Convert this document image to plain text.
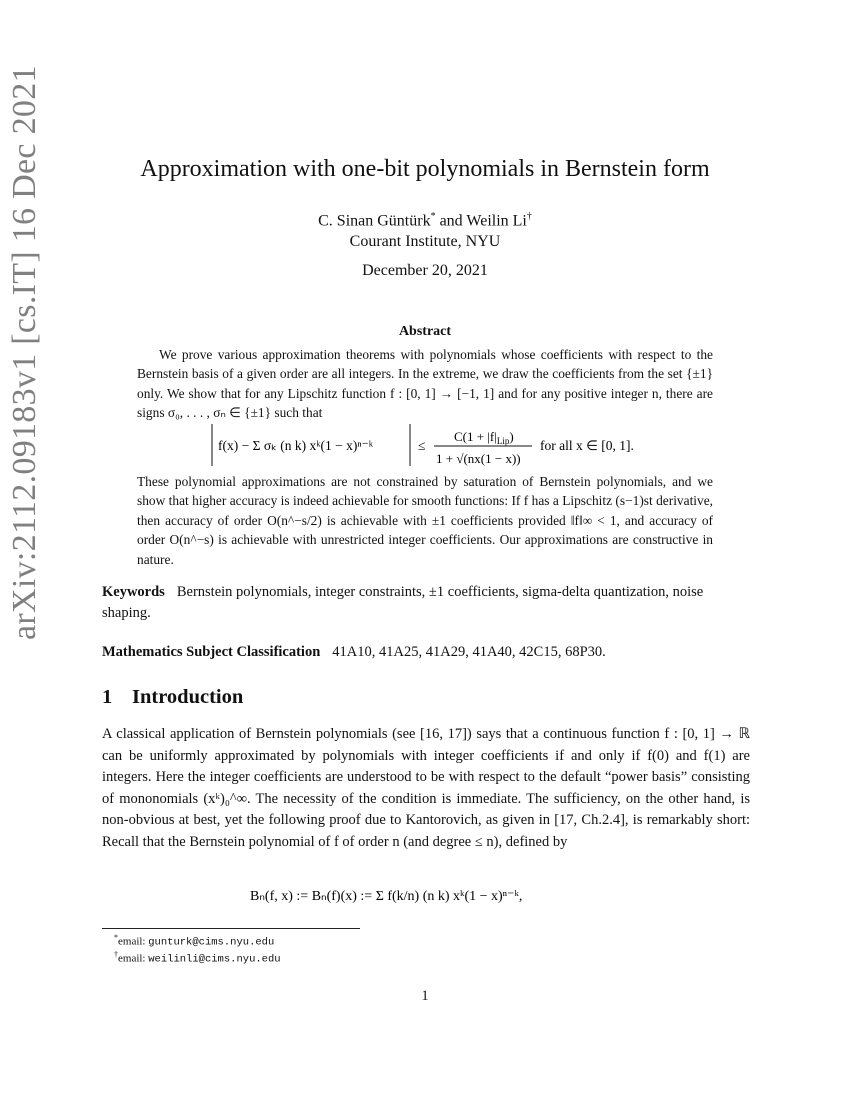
arXiv:2112.09183v1 [cs.IT] 16 Dec 2021	Approximation with one-bit polynomials in Bernstein form
C. Sinan Güntürk* and Weilin Li†
Courant Institute, NYU
December 20, 2021
Abstract
We prove various approximation theorems with polynomials whose coefficients with respect to the Bernstein basis of a given order are all integers. In the extreme, we draw the coefficients from the set {±1} only. We show that for any Lipschitz function f : [0, 1] → [−1, 1] and for any positive integer n, there are signs σ₀, . . . , σₙ ∈ {±1} such that
f(x) − Σ σₖ (n k) xᵏ(1 − x)ⁿ⁻ᵏ	≤
$C(1 + |f|_{Lip})$
1 + √(nx(1 − x))
for all x ∈ [0, 1].
These polynomial approximations are not constrained by saturation of Bernstein polynomials, and we show that higher accuracy is indeed achievable for smooth functions: If f has a Lipschitz (s−1)st derivative, then accuracy of order O(n^−s/2) is achievable with ±1 coefficients provided ‖f‖∞ < 1, and accuracy of order O(n^−s) is achievable with unrestricted integer coefficients. Our approximations are constructive in nature.
Keywords Bernstein polynomials, integer constraints, ±1 coefficients, sigma-delta quantization, noise shaping.
Mathematics Subject Classification 41A10, 41A25, 41A29, 41A40, 42C15, 68P30.
1 Introduction
A classical application of Bernstein polynomials (see [16, 17]) says that a continuous function f : [0, 1] → ℝ can be uniformly approximated by polynomials with integer coefficients if and only if f(0) and f(1) are integers. Here the integer coefficients are understood to be with respect to the default “power basis” consisting of mononomials (xᵏ)₀^∞. The necessity of the condition is immediate. The sufficiency, on the other hand, is non-obvious at best, yet the following proof due to Kantorovich, as given in [17, Ch.2.4], is remarkably short: Recall that the Bernstein polynomial of f of order n (and degree ≤ n), defined by
Bₙ(f, x) := Bₙ(f)(x) := Σ f(k/n) (n k) xᵏ(1 − x)ⁿ⁻ᵏ,
*email: gunturk@cims.nyu.edu
†email: weilinli@cims.nyu.edu
1
